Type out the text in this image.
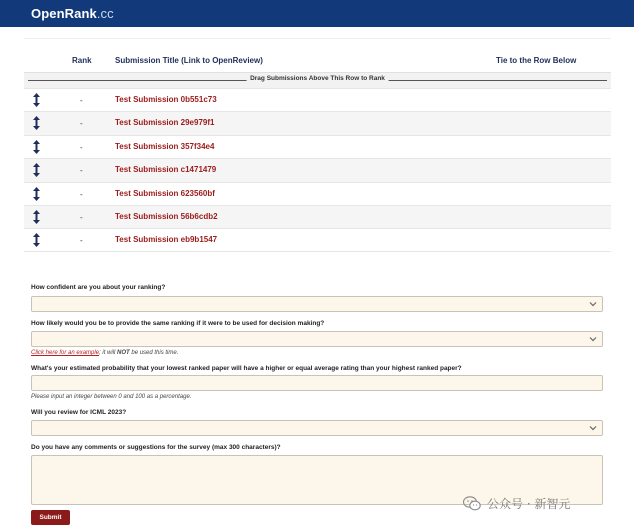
OpenRank.cc
Rank	Submission Title (Link to OpenReview)	Tie to the Row Below
Drag Submissions Above This Row to Rank
-	Test Submission 0b551c73
-	Test Submission 29e979f1
-	Test Submission 357f34e4
-	Test Submission c1471479
-	Test Submission 623560bf
-	Test Submission 56b6cdb2
-	Test Submission eb9b1547
How confident are you about your ranking?
How likely would you be to provide the same ranking if it were to be used for decision making?
Click here for an example; it will NOT be used this time.
What's your estimated probability that your lowest ranked paper will have a higher or equal average rating than your highest ranked paper?
Please input an integer between 0 and 100 as a percentage.
Will you review for ICML 2023?
Do you have any comments or suggestions for the survey (max 300 characters)?
Submit
公众号 · 新智元
